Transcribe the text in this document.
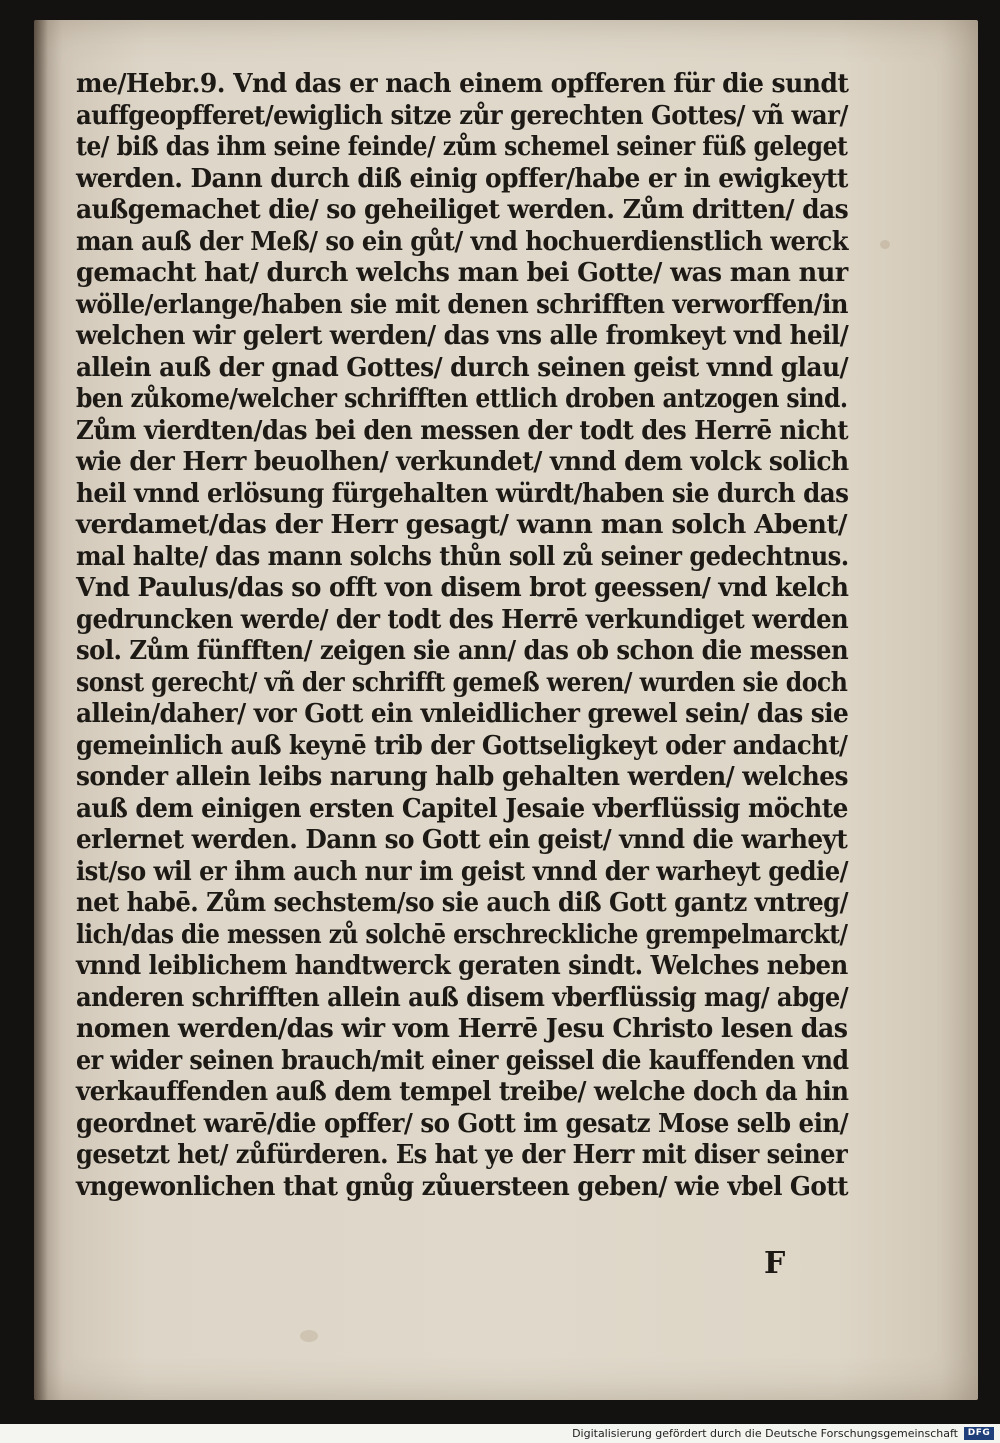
me/Hebr.9. Vnd das er nach einem opfferen für die sundt
auffgeopfferet/ewiglich sitze zůr gerechten Gottes/ vñ war/
te/ biß das ihm seine feinde/ zům schemel seiner füß geleget
werden. Dann durch diß einig opffer/habe er in ewigkeytt
außgemachet die/ so geheiliget werden. Zům dritten/ das
man auß der Meß/ so ein gůt/ vnd hochuerdienstlich werck
gemacht hat/ durch welchs man bei Gotte/ was man nur
wölle/erlange/haben sie mit denen schrifften verworffen/in
welchen wir gelert werden/ das vns alle fromkeyt vnd heil/
allein auß der gnad Gottes/ durch seinen geist vnnd glau/
ben zůkome/welcher schrifften ettlich droben antzogen sind.
Zům vierdten/das bei den messen der todt des Herrē nicht
wie der Herr beuolhen/ verkundet/ vnnd dem volck solich
heil vnnd erlösung fürgehalten würdt/haben sie durch das
verdamet/das der Herr gesagt/ wann man solch Abent/
mal halte/ das mann solchs thůn soll zů seiner gedechtnus.
Vnd Paulus/das so offt von disem brot geessen/ vnd kelch
gedruncken werde/ der todt des Herrē verkundiget werden
sol. Zům fünfften/ zeigen sie ann/ das ob schon die messen
sonst gerecht/ vñ der schrifft gemeß weren/ wurden sie doch
allein/daher/ vor Gott ein vnleidlicher grewel sein/ das sie
gemeinlich auß keynē trib der Gottseligkeyt oder andacht/
sonder allein leibs narung halb gehalten werden/ welches
auß dem einigen ersten Capitel Jesaie vberflüssig möchte
erlernet werden. Dann so Gott ein geist/ vnnd die warheyt
ist/so wil er ihm auch nur im geist vnnd der warheyt gedie/
net habē. Zům sechstem/so sie auch diß Gott gantz vntreg/
lich/das die messen zů solchē erschreckliche grempelmarckt/
vnnd leiblichem handtwerck geraten sindt. Welches neben
anderen schrifften allein auß disem vberflüssig mag/ abge/
nomen werden/das wir vom Herrē Jesu Christo lesen das
er wider seinen brauch/mit einer geissel die kauffenden vnd
verkauffenden auß dem tempel treibe/ welche doch da hin
geordnet warē/die opffer/ so Gott im gesatz Mose selb ein/
gesetzt het/ zůfürderen. Es hat ye der Herr mit diser seiner
vngewonlichen that gnůg zůuersteen geben/ wie vbel Gott
F
Digitalisierung gefördert durch die Deutsche Forschungsgemeinschaft	DFG
